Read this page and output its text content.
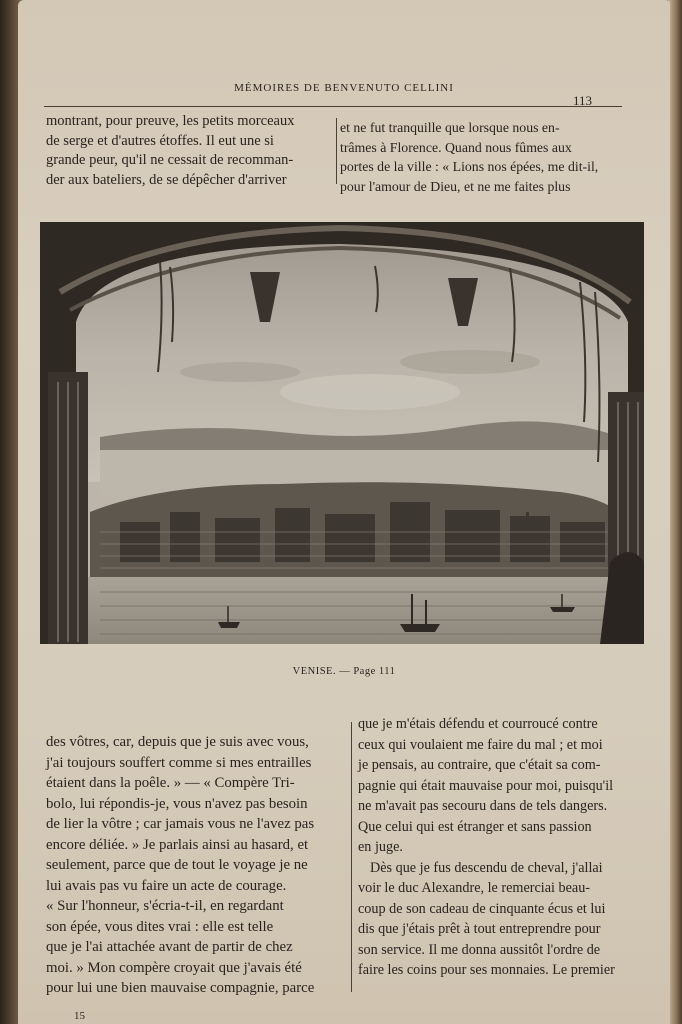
MÉMOIRES DE BENVENUTO CELLINI
113

montrant, pour preuve, les petits morceaux

de serge et d'autres étoffes. Il eut une si

grande peur, qu'il ne cessait de recomman-

der aux bateliers, de se dépêcher d'arriver

et ne fut tranquille que lorsque nous en-

trâmes à Florence. Quand nous fûmes aux

portes de la ville : « Lions nos épées, me dit-il,

pour l'amour de Dieu, et ne me faites plus

VENISE. — Page 111

des vôtres, car, depuis que je suis avec vous,

j'ai toujours souffert comme si mes entrailles

étaient dans la poêle. » — « Compère Tri-

bolo, lui répondis-je, vous n'avez pas besoin

de lier la vôtre ; car jamais vous ne l'avez pas

encore déliée. » Je parlais ainsi au hasard, et

seulement, parce que de tout le voyage je ne

lui avais pas vu faire un acte de courage.

« Sur l'honneur, s'écria-t-il, en regardant

son épée, vous dites vrai : elle est telle

que je l'ai attachée avant de partir de chez

moi. » Mon compère croyait que j'avais été

pour lui une bien mauvaise compagnie, parce

que je m'étais défendu et courroucé contre

ceux qui voulaient me faire du mal ; et moi

je pensais, au contraire, que c'était sa com-

pagnie qui était mauvaise pour moi, puisqu'il

ne m'avait pas secouru dans de tels dangers.

Que celui qui est étranger et sans passion

en juge.

Dès que je fus descendu de cheval, j'allai

voir le duc Alexandre, le remerciai beau-

coup de son cadeau de cinquante écus et lui

dis que j'étais prêt à tout entreprendre pour

son service. Il me donna aussitôt l'ordre de

faire les coins pour ses monnaies. Le premier

15
